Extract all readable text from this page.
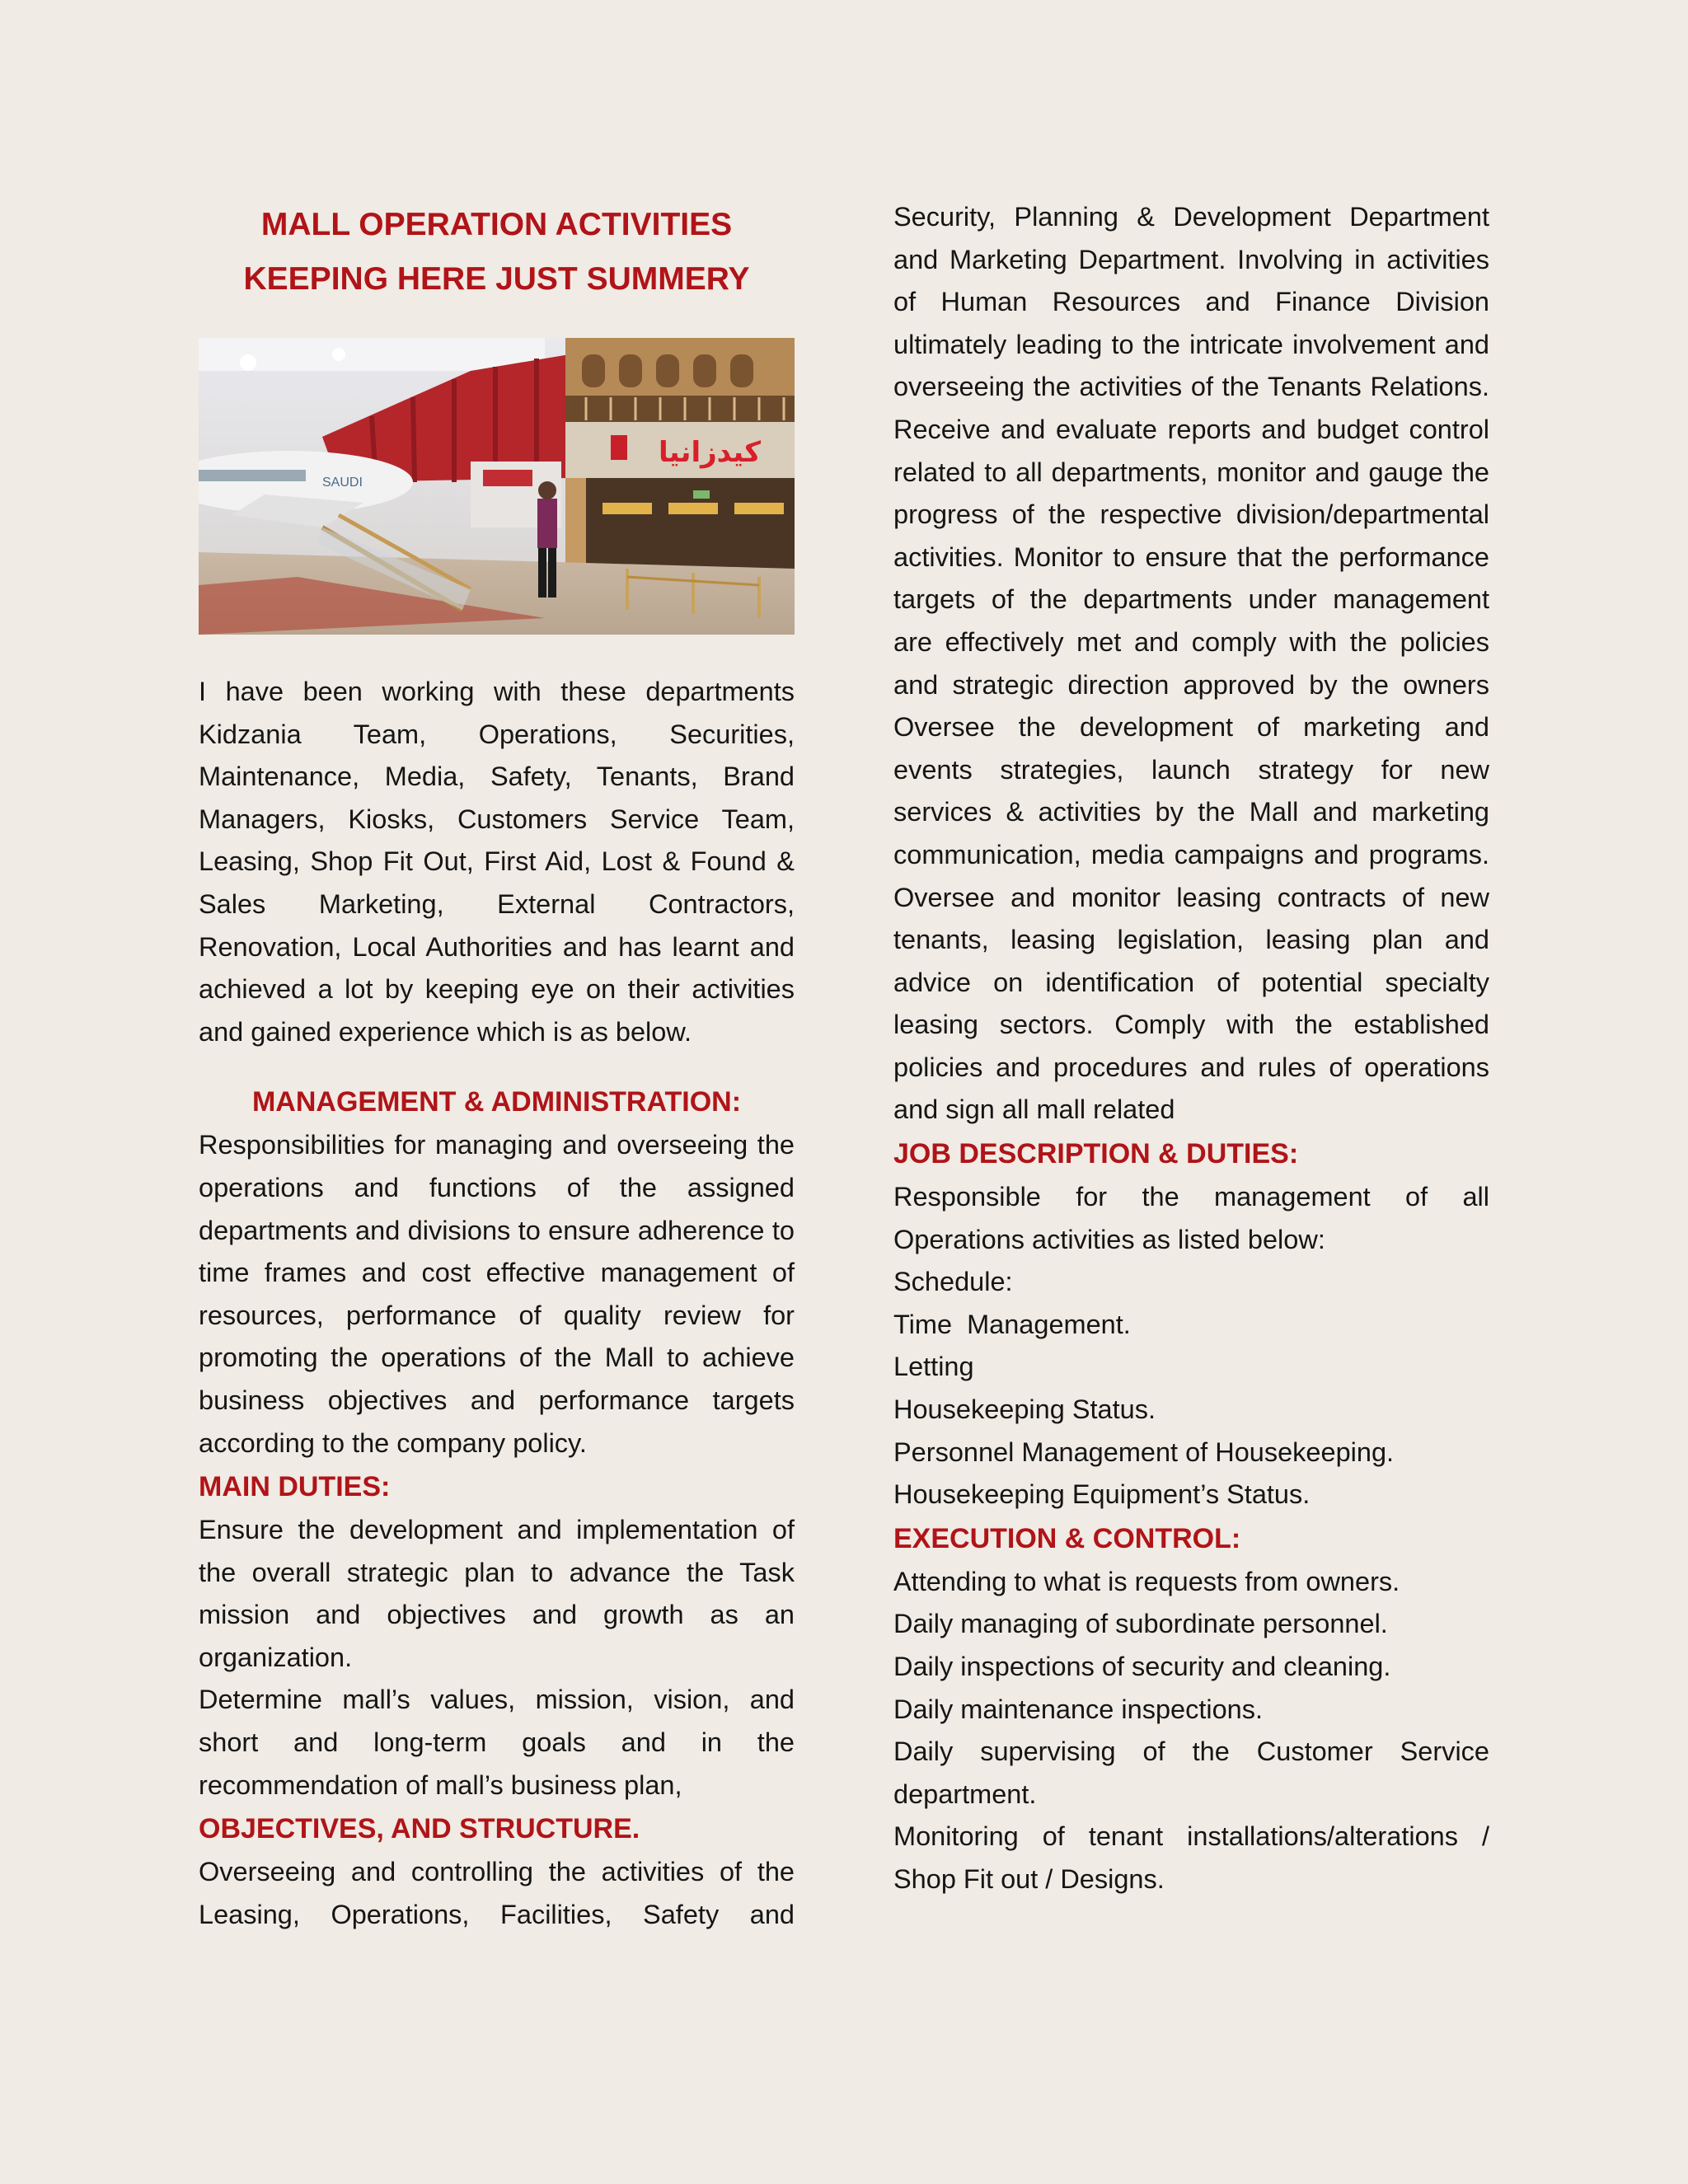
MALL OPERATION ACTIVITIES

KEEPING HERE JUST SUMMERY

SAUDI
كيدزانيا

I have been working with these departments Kidzania Team, Operations, Securities, Maintenance, Media, Safety, Tenants, Brand Managers, Kiosks, Customers Service Team, Leasing, Shop Fit Out, First Aid, Lost & Found & Sales Marketing, External Contractors, Renovation, Local Authorities and has learnt and achieved a lot by keeping eye on their activities and gained experience which is as below.

MANAGEMENT & ADMINISTRATION:

Responsibilities for managing and overseeing the operations and functions of the assigned departments and divisions to ensure adherence to time frames and cost effective management of resources, performance of quality review for promoting the operations of the Mall to achieve business objectives and performance targets according to the company policy.

MAIN DUTIES:

Ensure the development and implementation of the overall strategic plan to advance the Task mission and objectives and growth as an organization.

Determine mall’s values, mission, vision, and short and long-term goals and in the recommendation of mall’s business plan,

OBJECTIVES, AND STRUCTURE.

Overseeing and controlling the activities of the Leasing, Operations, Facilities, Safety and

Security, Planning & Development Department and Marketing Department. Involving in activities of Human Resources and Finance Division ultimately leading to the intricate involvement and overseeing the activities of the Tenants Relations. Receive and evaluate reports and budget control related to all departments, monitor and gauge the progress of the respective division/departmental activities. Monitor to ensure that the performance targets of the departments under management are effectively met and comply with the policies and strategic direction approved by the owners Oversee the development of marketing and events strategies, launch strategy for new services & activities by the Mall and marketing communication, media campaigns and programs. Oversee and monitor leasing contracts of new tenants, leasing legislation, leasing plan and advice on identification of potential specialty leasing sectors. Comply with the established policies and procedures and rules of operations and sign all mall related

JOB DESCRIPTION & DUTIES:

Responsible for the management of all Operations activities as listed below:

Schedule:

Time  Management.

Letting

Housekeeping Status.

Personnel Management of Housekeeping.

Housekeeping Equipment’s Status.

EXECUTION & CONTROL:

Attending to what is requests from owners.

Daily managing of subordinate personnel.

Daily inspections of security and cleaning.

Daily maintenance inspections.

Daily supervising of the Customer Service department.

Monitoring of tenant installations/alterations / Shop Fit out / Designs.
